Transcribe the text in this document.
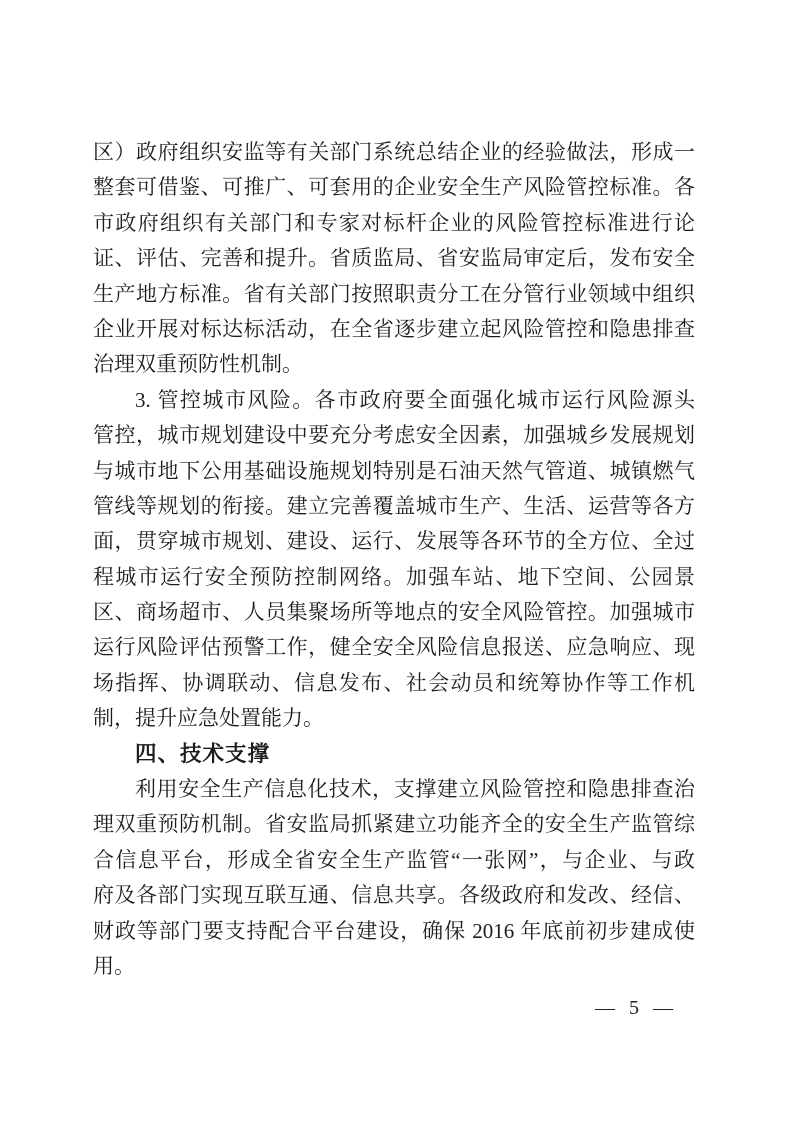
区）政府组织安监等有关部门系统总结企业的经验做法，形成一
整套可借鉴、可推广、可套用的企业安全生产风险管控标准。各
市政府组织有关部门和专家对标杆企业的风险管控标准进行论
证、评估、完善和提升。省质监局、省安监局审定后，发布安全
生产地方标准。省有关部门按照职责分工在分管行业领域中组织
企业开展对标达标活动，在全省逐步建立起风险管控和隐患排查
治理双重预防性机制。
3. 管控城市风险。各市政府要全面强化城市运行风险源头
管控，城市规划建设中要充分考虑安全因素，加强城乡发展规划
与城市地下公用基础设施规划特别是石油天然气管道、城镇燃气
管线等规划的衔接。建立完善覆盖城市生产、生活、运营等各方
面，贯穿城市规划、建设、运行、发展等各环节的全方位、全过
程城市运行安全预防控制网络。加强车站、地下空间、公园景
区、商场超市、人员集聚场所等地点的安全风险管控。加强城市
运行风险评估预警工作，健全安全风险信息报送、应急响应、现
场指挥、协调联动、信息发布、社会动员和统筹协作等工作机
制，提升应急处置能力。
四、技术支撑
利用安全生产信息化技术，支撑建立风险管控和隐患排查治
理双重预防机制。省安监局抓紧建立功能齐全的安全生产监管综
合信息平台，形成全省安全生产监管“一张网”，与企业、与政
府及各部门实现互联互通、信息共享。各级政府和发改、经信、
财政等部门要支持配合平台建设，确保 2016 年底前初步建成使
用。
— 5 —
